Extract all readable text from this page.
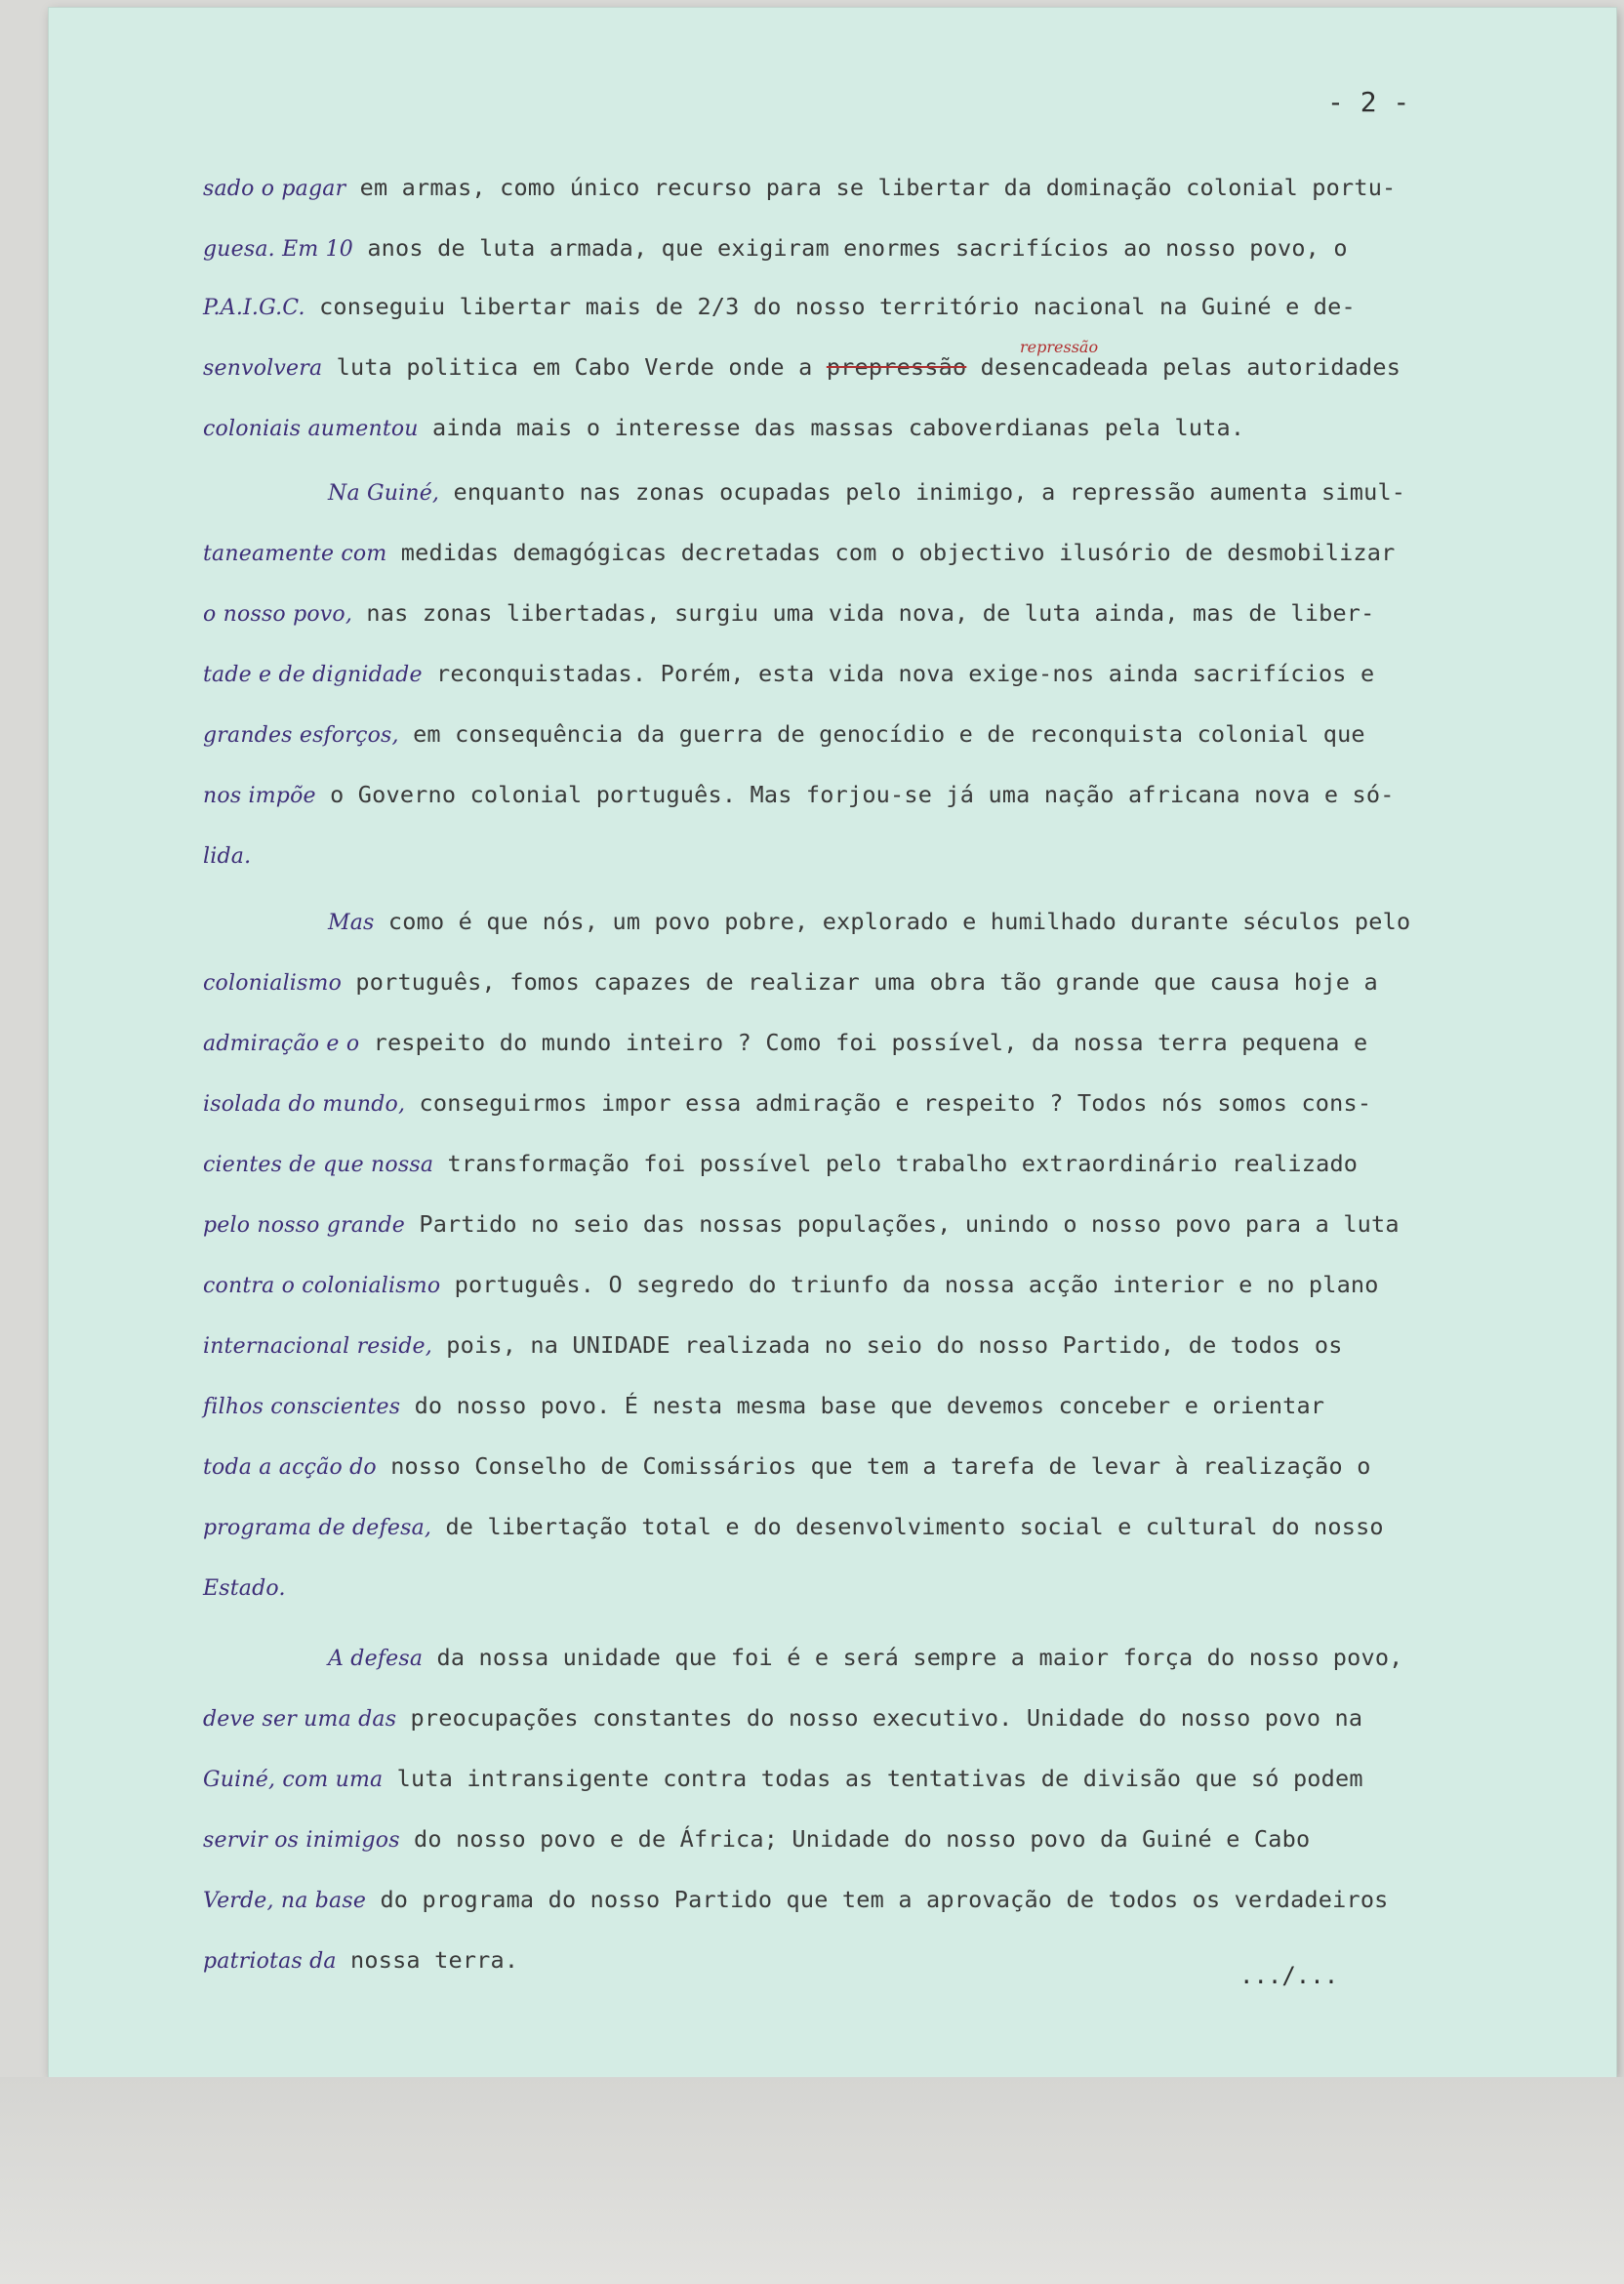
- 2 -
repressão
sado o pagar em armas, como único recurso para se libertar da dominação colonial portu-
guesa. Em 10 anos de luta armada, que exigiram enormes sacrifícios ao nosso povo, o
P.A.I.G.C. conseguiu libertar mais de 2/3 do nosso território nacional na Guiné e de-
senvolvera luta politica em Cabo Verde onde a prepressão desencadeada pelas autoridades
coloniais aumentou ainda mais o interesse das massas caboverdianas pela luta.
Na Guiné, enquanto nas zonas ocupadas pelo inimigo, a repressão aumenta simul-
taneamente com medidas demagógicas decretadas com o objectivo ilusório de desmobilizar
o nosso povo, nas zonas libertadas, surgiu uma vida nova, de luta ainda, mas de liber-
tade e de dignidade reconquistadas. Porém, esta vida nova exige-nos ainda sacrifícios e
grandes esforços, em consequência da guerra de genocídio e de reconquista colonial que
nos impõe o Governo colonial português. Mas forjou-se já uma nação africana nova e só-
lida.
Mas como é que nós, um povo pobre, explorado e humilhado durante séculos pelo
colonialismo português, fomos capazes de realizar uma obra tão grande que causa hoje a
admiração e o respeito do mundo inteiro ? Como foi possível, da nossa terra pequena e
isolada do mundo, conseguirmos impor essa admiração e respeito ? Todos nós somos cons-
cientes de que nossa transformação foi possível pelo trabalho extraordinário realizado
pelo nosso grande Partido no seio das nossas populações, unindo o nosso povo para a luta
contra o colonialismo português. O segredo do triunfo da nossa acção interior e no plano
internacional reside, pois, na UNIDADE realizada no seio do nosso Partido, de todos os
filhos conscientes do nosso povo. É nesta mesma base que devemos conceber e orientar
toda a acção do nosso Conselho de Comissários que tem a tarefa de levar à realização o
programa de defesa, de libertação total e do desenvolvimento social e cultural do nosso
Estado.
A defesa da nossa unidade que foi é e será sempre a maior força do nosso povo,
deve ser uma das preocupações constantes do nosso executivo. Unidade do nosso povo na
Guiné, com uma luta intransigente contra todas as tentativas de divisão que só podem
servir os inimigos do nosso povo e de África; Unidade do nosso povo da Guiné e Cabo
Verde, na base do programa do nosso Partido que tem a aprovação de todos os verdadeiros
patriotas da nossa terra.
.../...
